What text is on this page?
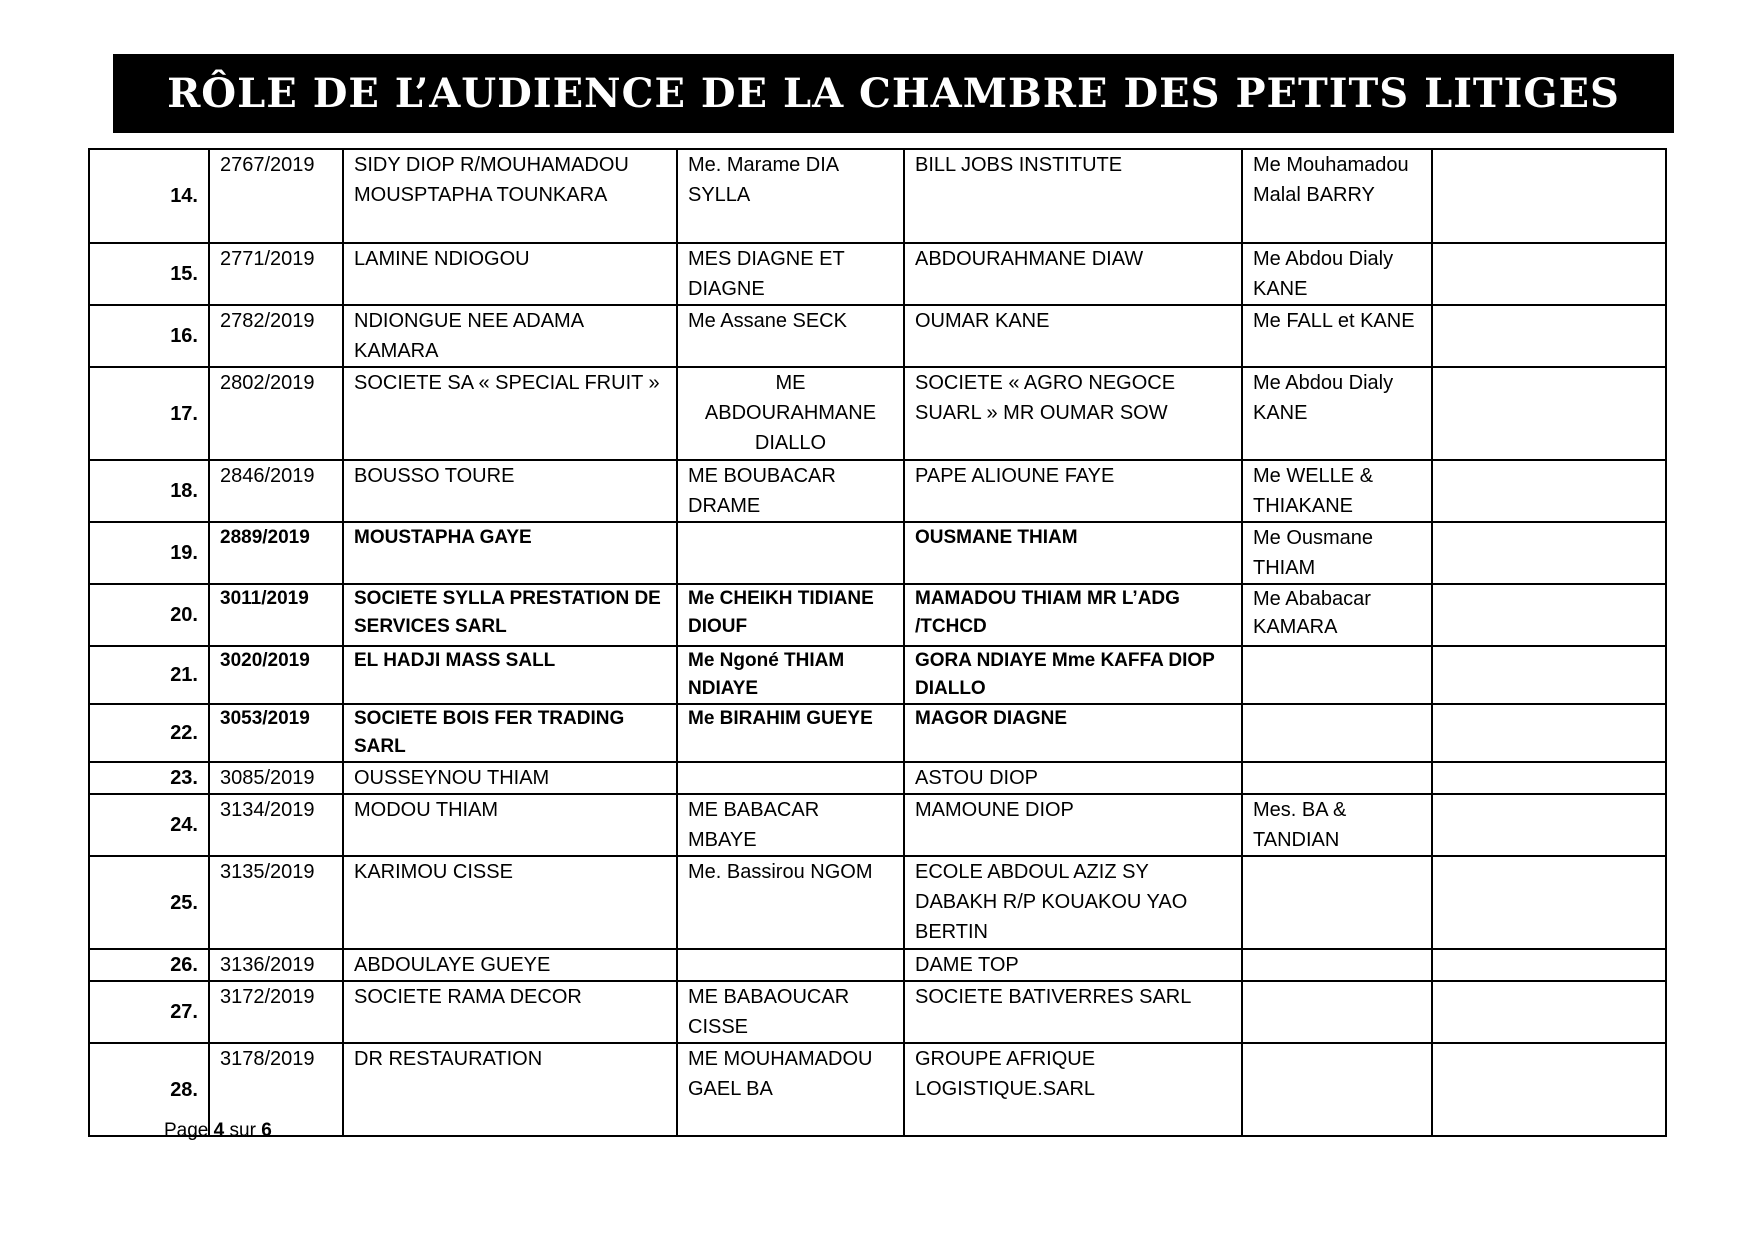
RÔLE DE L’AUDIENCE DE LA CHAMBRE DES PETITS LITIGES
14.	2767/2019	SIDY DIOP R/MOUHAMADOU MOUSPTAPHA TOUNKARA	Me. Marame DIA SYLLA	BILL JOBS INSTITUTE	Me Mouhamadou Malal BARRY	
15.	2771/2019	LAMINE NDIOGOU	MES DIAGNE ET DIAGNE	ABDOURAHMANE DIAW	Me Abdou Dialy KANE	
16.	2782/2019	NDIONGUE NEE ADAMA KAMARA	Me Assane SECK	OUMAR KANE	Me FALL et KANE	
17.	2802/2019	SOCIETE SA « SPECIAL FRUIT »	ME ABDOURAHMANE DIALLO	SOCIETE « AGRO NEGOCE SUARL » MR OUMAR SOW	Me Abdou Dialy KANE	
18.	2846/2019	BOUSSO TOURE	ME BOUBACAR DRAME	PAPE ALIOUNE FAYE	Me WELLE & THIAKANE	
19.	2889/2019	MOUSTAPHA GAYE		OUSMANE THIAM	Me Ousmane THIAM	
20.	3011/2019	SOCIETE SYLLA PRESTATION DE SERVICES SARL	Me CHEIKH TIDIANE DIOUF	MAMADOU THIAM MR L’ADG /TCHCD	Me Ababacar KAMARA	
21.	3020/2019	EL HADJI MASS SALL	Me Ngoné THIAM NDIAYE	GORA NDIAYE Mme KAFFA DIOP DIALLO		
22.	3053/2019	SOCIETE BOIS FER TRADING SARL	Me BIRAHIM GUEYE	MAGOR DIAGNE		
23.	3085/2019	OUSSEYNOU THIAM		ASTOU DIOP		
24.	3134/2019	MODOU THIAM	ME BABACAR MBAYE	MAMOUNE DIOP	Mes. BA & TANDIAN	
25.	3135/2019	KARIMOU CISSE	Me. Bassirou NGOM	ECOLE ABDOUL AZIZ SY DABAKH R/P KOUAKOU YAO BERTIN		
26.	3136/2019	ABDOULAYE GUEYE		DAME TOP		
27.	3172/2019	SOCIETE RAMA DECOR	ME BABAOUCAR CISSE	SOCIETE BATIVERRES SARL		
28.	3178/2019	DR RESTAURATION	ME MOUHAMADOU GAEL BA	GROUPE AFRIQUE LOGISTIQUE.SARL		
Page 4 sur 6
